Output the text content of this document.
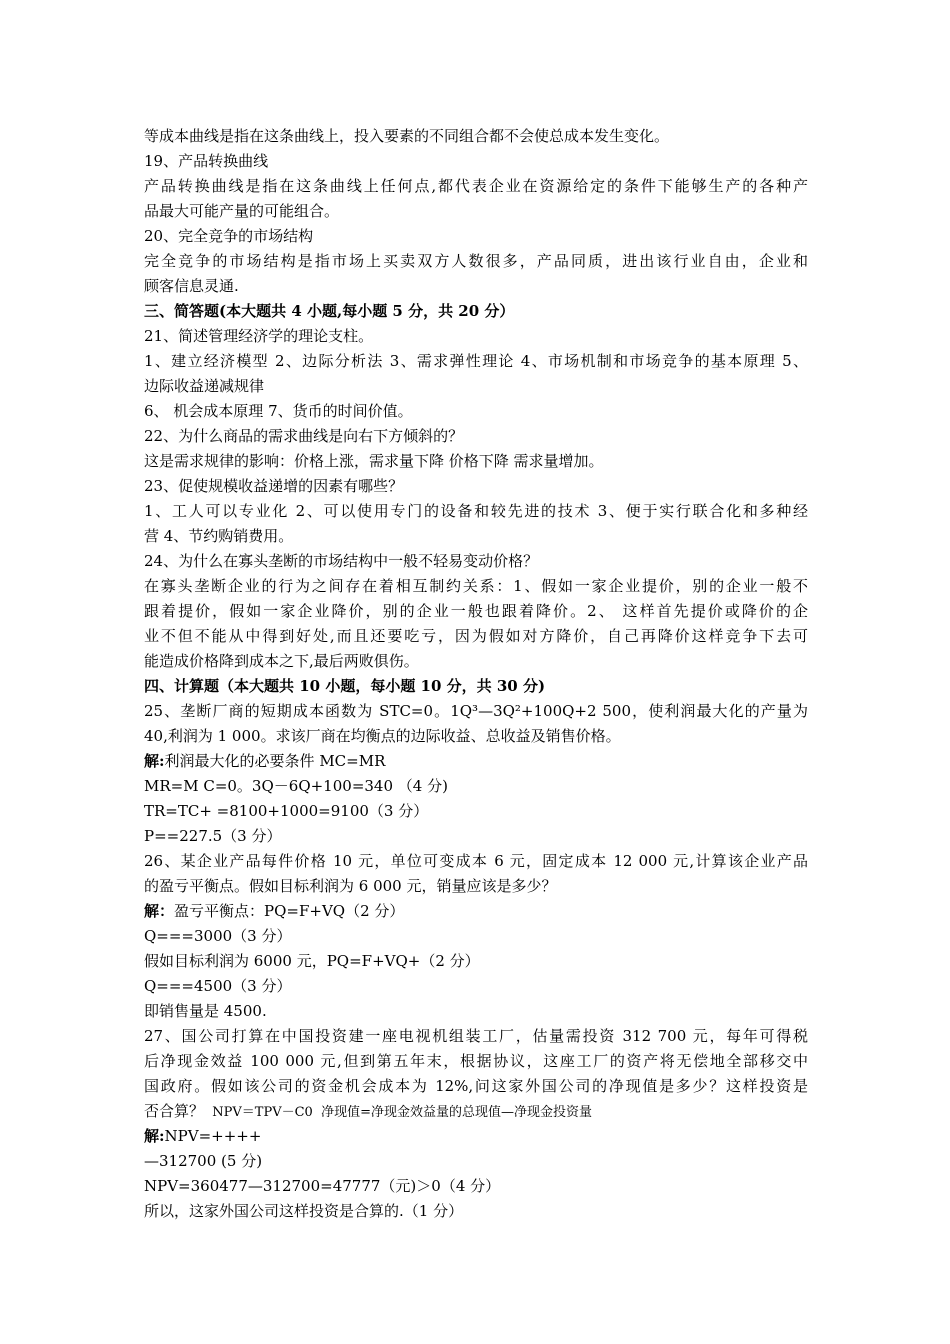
等成本曲线是指在这条曲线上，投入要素的不同组合都不会使总成本发生变化。
19、产品转换曲线
产品转换曲线是指在这条曲线上任何点,都代表企业在资源给定的条件下能够生产的各种产
品最大可能产量的可能组合。
20、完全竞争的市场结构
完全竞争的市场结构是指市场上买卖双方人数很多，产品同质，进出该行业自由，企业和
顾客信息灵通.
三、简答题(本大题共 4 小题,每小题 5 分，共 20 分）
21、简述管理经济学的理论支柱。
1、建立经济模型 2、边际分析法 3、需求弹性理论 4、市场机制和市场竞争的基本原理 5、
边际收益递减规律
6、 机会成本原理 7、货币的时间价值。
22、为什么商品的需求曲线是向右下方倾斜的？
这是需求规律的影响：价格上涨，需求量下降 价格下降 需求量增加。
23、促使规模收益递增的因素有哪些？
1、工人可以专业化 2、可以使用专门的设备和较先进的技术 3、便于实行联合化和多种经
营 4、节约购销费用。
24、为什么在寡头垄断的市场结构中一般不轻易变动价格？
在寡头垄断企业的行为之间存在着相互制约关系：1、假如一家企业提价，别的企业一般不
跟着提价，假如一家企业降价，别的企业一般也跟着降价。2、 这样首先提价或降价的企
业不但不能从中得到好处,而且还要吃亏，因为假如对方降价，自己再降价这样竞争下去可
能造成价格降到成本之下,最后两败俱伤。
四、计算题（本大题共 10 小题，每小题 10 分，共 30 分)
25、垄断厂商的短期成本函数为 STC=0。1Q³—3Q²+100Q+2 500，使利润最大化的产量为
40,利润为 1 000。求该厂商在均衡点的边际收益、总收益及销售价格。
解:利润最大化的必要条件 MC=MR
MR=M C=0。3Q－6Q+100=340 （4 分)
TR=TC+ =8100+1000=9100（3 分）
P==227.5（3 分）
26、某企业产品每件价格 10 元，单位可变成本 6 元，固定成本 12 000 元,计算该企业产品
的盈亏平衡点。假如目标利润为 6 000 元，销量应该是多少？
解：盈亏平衡点：PQ=F+VQ（2 分）
Q===3000（3 分）
假如目标利润为 6000 元，PQ=F+VQ+（2 分）
Q===4500（3 分）
即销售量是 4500.
27、国公司打算在中国投资建一座电视机组装工厂，估量需投资 312 700 元，每年可得税
后净现金效益 100 000 元,但到第五年末，根据协议，这座工厂的资产将无偿地全部移交中
国政府。假如该公司的资金机会成本为 12%,问这家外国公司的净现值是多少？这样投资是
否合算？  NPV＝TPV－C0  净现值=净现金效益量的总现值—净现金投资量
解:NPV=++++
—312700 (5 分)
NPV=360477—312700=47777（元)＞0（4 分）
所以，这家外国公司这样投资是合算的.（1 分）
